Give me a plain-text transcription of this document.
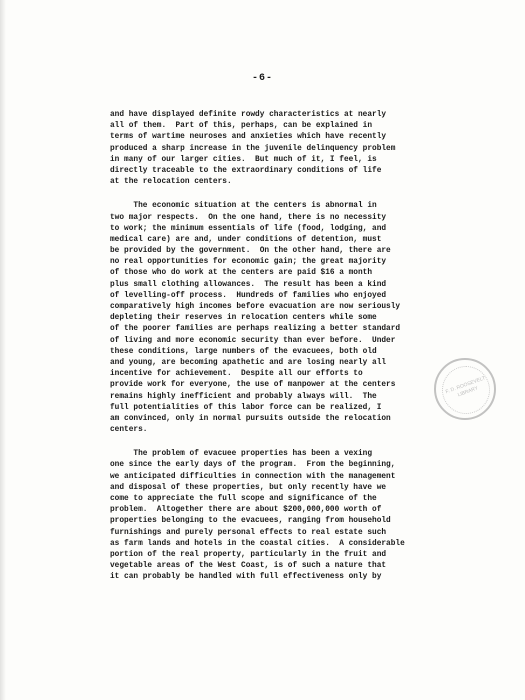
-6-
and have displayed definite rowdy characteristics at nearly
all of them.  Part of this, perhaps, can be explained in
terms of wartime neuroses and anxieties which have recently
produced a sharp increase in the juvenile delinquency problem
in many of our larger cities.  But much of it, I feel, is
directly traceable to the extraordinary conditions of life
at the relocation centers.
The economic situation at the centers is abnormal in
two major respects.  On the one hand, there is no necessity
to work; the minimum essentials of life (food, lodging, and
medical care) are and, under conditions of detention, must
be provided by the government.  On the other hand, there are
no real opportunities for economic gain; the great majority
of those who do work at the centers are paid $16 a month
plus small clothing allowances.  The result has been a kind
of levelling-off process.  Hundreds of families who enjoyed
comparatively high incomes before evacuation are now seriously
depleting their reserves in relocation centers while some
of the poorer families are perhaps realizing a better standard
of living and more economic security than ever before.  Under
these conditions, large numbers of the evacuees, both old
and young, are becoming apathetic and are losing nearly all
incentive for achievement.  Despite all our efforts to
provide work for everyone, the use of manpower at the centers
remains highly inefficient and probably always will.  The
full potentialities of this labor force can be realized, I
am convinced, only in normal pursuits outside the relocation
centers.
The problem of evacuee properties has been a vexing
one since the early days of the program.  From the beginning,
we anticipated difficulties in connection with the management
and disposal of these properties, but only recently have we
come to appreciate the full scope and significance of the
problem.  Altogether there are about $200,000,000 worth of
properties belonging to the evacuees, ranging from household
furnishings and purely personal effects to real estate such
as farm lands and hotels in the coastal cities.  A considerable
portion of the real property, particularly in the fruit and
vegetable areas of the West Coast, is of such a nature that
it can probably be handled with full effectiveness only by
F. D. ROOSEVELT LIBRARY
